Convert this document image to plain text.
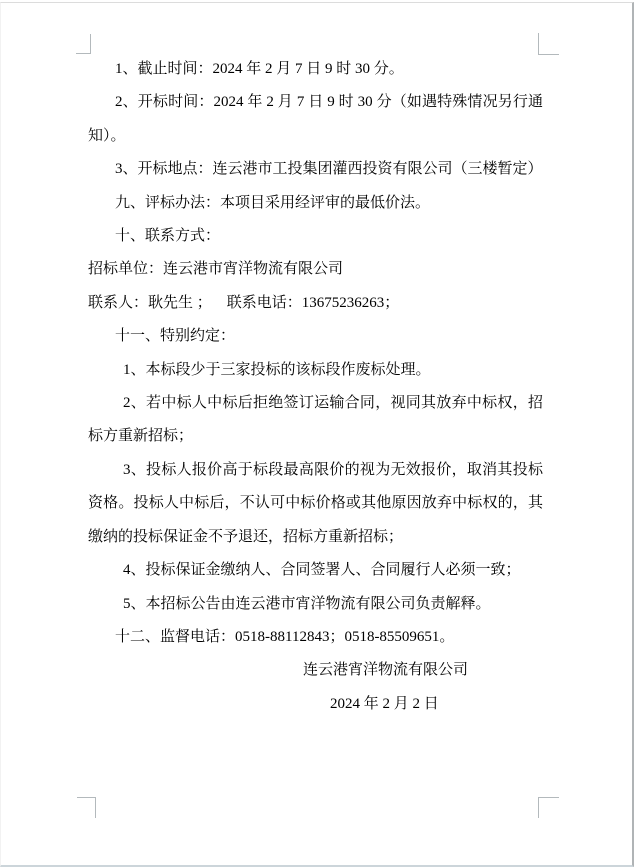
1、截止时间：2024 年 2 月 7 日 9 时 30 分。

2、开标时间：2024 年 2 月 7 日 9 时 30 分（如遇特殊情况另行通知）。

3、开标地点：连云港市工投集团灌西投资有限公司（三楼暂定）

九、评标办法：本项目采用经评审的最低价法。

十、联系方式：

招标单位：连云港市宵洋物流有限公司

联系人：耿先生 ；    联系电话：13675236263；

十一、特别约定：

1、本标段少于三家投标的该标段作废标处理。

2、若中标人中标后拒绝签订运输合同，视同其放弃中标权，招标方重新招标；

3、投标人报价高于标段最高限价的视为无效报价，取消其投标资格。投标人中标后，不认可中标价格或其他原因放弃中标权的，其缴纳的投标保证金不予退还，招标方重新招标；

4、投标保证金缴纳人、合同签署人、合同履行人必须一致；

5、本招标公告由连云港市宵洋物流有限公司负责解释。

十二、监督电话：0518-88112843；0518-85509651。

连云港宵洋物流有限公司

2024 年 2 月 2 日
